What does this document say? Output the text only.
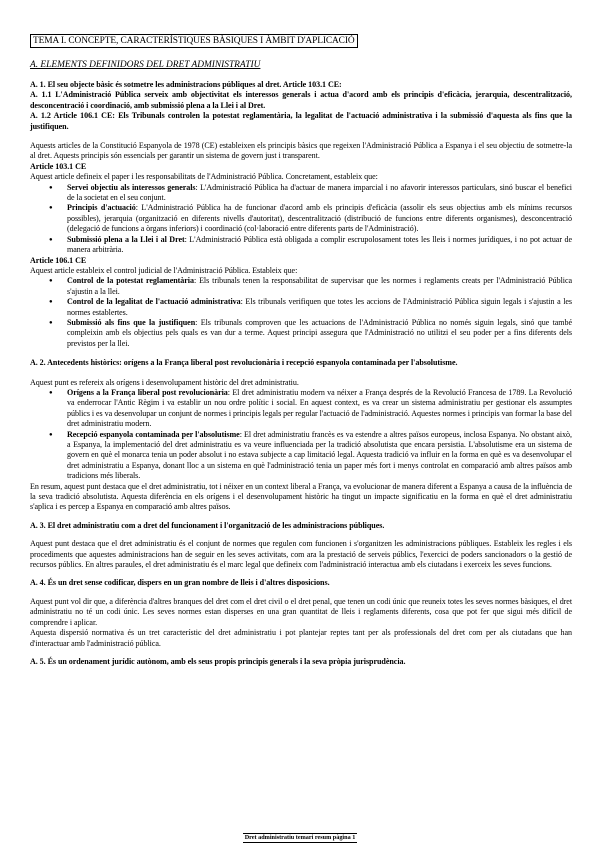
TEMA I. CONCEPTE, CARACTERÍSTIQUES BÀSIQUES I ÀMBIT D'APLICACIÓ
A. ELEMENTS DEFINIDORS DEL DRET ADMINISTRATIU

A. 1. El seu objecte bàsic és sotmetre les administracions públiques al dret. Article 103.1 CE:

A. 1.1 L'Administració Pública serveix amb objectivitat els interessos generals i actua d'acord amb els principis d'eficàcia, jerarquia, descentralització, desconcentració i coordinació, amb submissió plena a la Llei i al Dret.

A. 1.2 Article 106.1 CE: Els Tribunals controlen la potestat reglamentària, la legalitat de l'actuació administrativa i la submissió d'aquesta als fins que la justifiquen.

Aquests articles de la Constitució Espanyola de 1978 (CE) estableixen els principis bàsics que regeixen l'Administració Pública a Espanya i el seu objectiu de sotmetre-la al dret. Aquests principis són essencials per garantir un sistema de govern just i transparent.

Article 103.1 CE

Aquest article defineix el paper i les responsabilitats de l'Administració Pública. Concretament, estableix que:

● Servei objectiu als interessos generals: L'Administració Pública ha d'actuar de manera imparcial i no afavorir interessos particulars, sinó buscar el benefici de la societat en el seu conjunt.
● Principis d'actuació: L'Administració Pública ha de funcionar d'acord amb els principis d'eficàcia (assolir els seus objectius amb els mínims recursos possibles), jerarquia (organització en diferents nivells d'autoritat), descentralització (distribució de funcions entre diferents organismes), desconcentració (delegació de funcions a òrgans inferiors) i coordinació (col·laboració entre diferents parts de l'Administració).
● Submissió plena a la Llei i al Dret: L'Administració Pública està obligada a complir escrupolosament totes les lleis i normes jurídiques, i no pot actuar de manera arbitrària.

Article 106.1 CE

Aquest article estableix el control judicial de l'Administració Pública. Estableix que:

● Control de la potestat reglamentària: Els tribunals tenen la responsabilitat de supervisar que les normes i reglaments creats per l'Administració Pública s'ajustin a la llei.
● Control de la legalitat de l'actuació administrativa: Els tribunals verifiquen que totes les accions de l'Administració Pública siguin legals i s'ajustin a les normes establertes.
● Submissió als fins que la justifiquen: Els tribunals comproven que les actuacions de l'Administració Pública no només siguin legals, sinó que també compleixin amb els objectius pels quals es van dur a terme. Aquest principi assegura que l'Administració no utilitzi el seu poder per a fins diferents dels previstos per la llei.

A. 2. Antecedents històrics: orígens a la França liberal post revolucionària i recepció espanyola contaminada per l'absolutisme.

Aquest punt es refereix als orígens i desenvolupament històric del dret administratiu.

● Orígens a la França liberal post revolucionària: El dret administratiu modern va néixer a França després de la Revolució Francesa de 1789. La Revolució va enderrocar l'Antic Règim i va establir un nou ordre polític i social. En aquest context, es va crear un sistema administratiu per gestionar els assumptes públics i es va desenvolupar un conjunt de normes i principis legals per regular l'actuació de l'administració. Aquestes normes i principis van formar la base del dret administratiu modern.
● Recepció espanyola contaminada per l'absolutisme: El dret administratiu francès es va estendre a altres països europeus, inclosa Espanya. No obstant això, a Espanya, la implementació del dret administratiu es va veure influenciada per la tradició absolutista que encara persistia. L'absolutisme era un sistema de govern en què el monarca tenia un poder absolut i no estava subjecte a cap limitació legal. Aquesta tradició va influir en la forma en què es va desenvolupar el dret administratiu a Espanya, donant lloc a un sistema en què l'administració tenia un paper més fort i menys controlat en comparació amb altres països amb tradicions més liberals.

En resum, aquest punt destaca que el dret administratiu, tot i néixer en un context liberal a França, va evolucionar de manera diferent a Espanya a causa de la influència de la seva tradició absolutista. Aquesta diferència en els orígens i el desenvolupament històric ha tingut un impacte significatiu en la forma en què el dret administratiu s'aplica i es percep a Espanya en comparació amb altres països.

A. 3. El dret administratiu com a dret del funcionament i l'organització de les administracions públiques.

Aquest punt destaca que el dret administratiu és el conjunt de normes que regulen com funcionen i s'organitzen les administracions públiques. Estableix les regles i els procediments que aquestes administracions han de seguir en les seves activitats, com ara la prestació de serveis públics, l'exercici de poders sancionadors o la gestió de recursos públics. En altres paraules, el dret administratiu és el marc legal que defineix com l'administració interactua amb els ciutadans i exerceix les seves funcions.

A. 4. És un dret sense codificar, dispers en un gran nombre de lleis i d'altres disposicions.

Aquest punt vol dir que, a diferència d'altres branques del dret com el dret civil o el dret penal, que tenen un codi únic que reuneix totes les seves normes bàsiques, el dret administratiu no té un codi únic. Les seves normes estan disperses en una gran quantitat de lleis i reglaments diferents, cosa que pot fer que sigui més difícil de comprendre i aplicar.

Aquesta dispersió normativa és un tret característic del dret administratiu i pot plantejar reptes tant per als professionals del dret com per als ciutadans que han d'interactuar amb l'administració pública.

A. 5. És un ordenament jurídic autònom, amb els seus propis principis generals i la seva pròpia jurisprudència.

Dret administratiu temari resum pàgina 1
